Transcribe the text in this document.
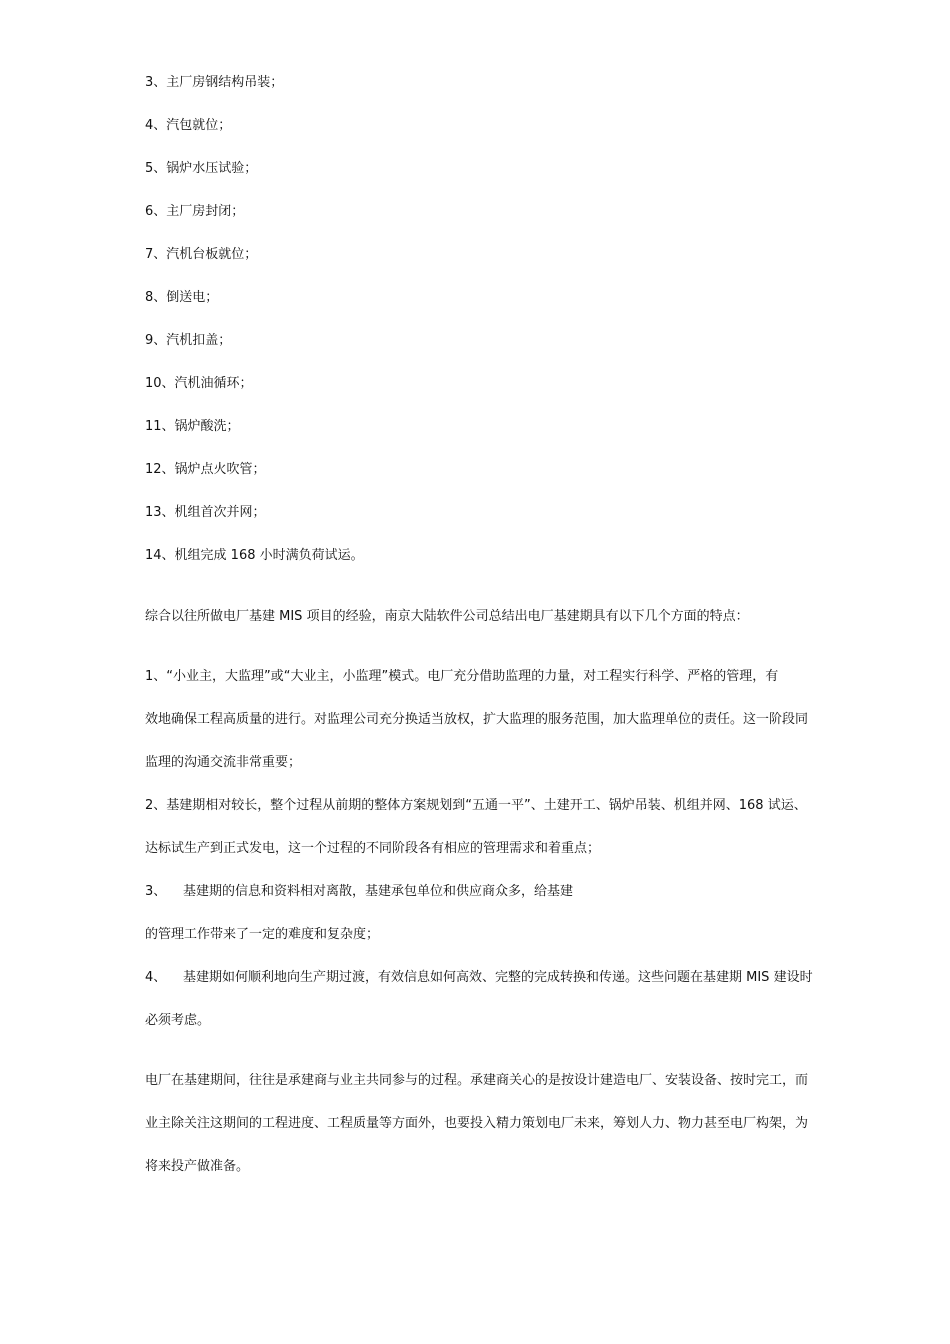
3、主厂房钢结构吊装；
4、汽包就位；
5、锅炉水压试验；
6、主厂房封闭；
7、汽机台板就位；
8、倒送电；
9、汽机扣盖；
10、汽机油循环；
11、锅炉酸洗；
12、锅炉点火吹管；
13、机组首次并网；
14、机组完成 168 小时满负荷试运。
综合以往所做电厂基建 MIS 项目的经验，南京大陆软件公司总结出电厂基建期具有以下几个方面的特点：
1、“小业主，大监理”或“大业主，小监理”模式。电厂充分借助监理的力量，对工程实行科学、严格的管理，有
效地确保工程高质量的进行。对监理公司充分换适当放权，扩大监理的服务范围，加大监理单位的责任。这一阶段同
监理的沟通交流非常重要；
2、基建期相对较长，整个过程从前期的整体方案规划到“五通一平”、土建开工、锅炉吊装、机组并网、168 试运、
达标试生产到正式发电，这一个过程的不同阶段各有相应的管理需求和着重点；
3、 基建期的信息和资料相对离散，基建承包单位和供应商众多，给基建
的管理工作带来了一定的难度和复杂度；
4、 基建期如何顺利地向生产期过渡，有效信息如何高效、完整的完成转换和传递。这些问题在基建期 MIS 建设时
必须考虑。
电厂在基建期间，往往是承建商与业主共同参与的过程。承建商关心的是按设计建造电厂、安装设备、按时完工，而
业主除关注这期间的工程进度、工程质量等方面外，也要投入精力策划电厂未来，筹划人力、物力甚至电厂构架，为
将来投产做准备。
